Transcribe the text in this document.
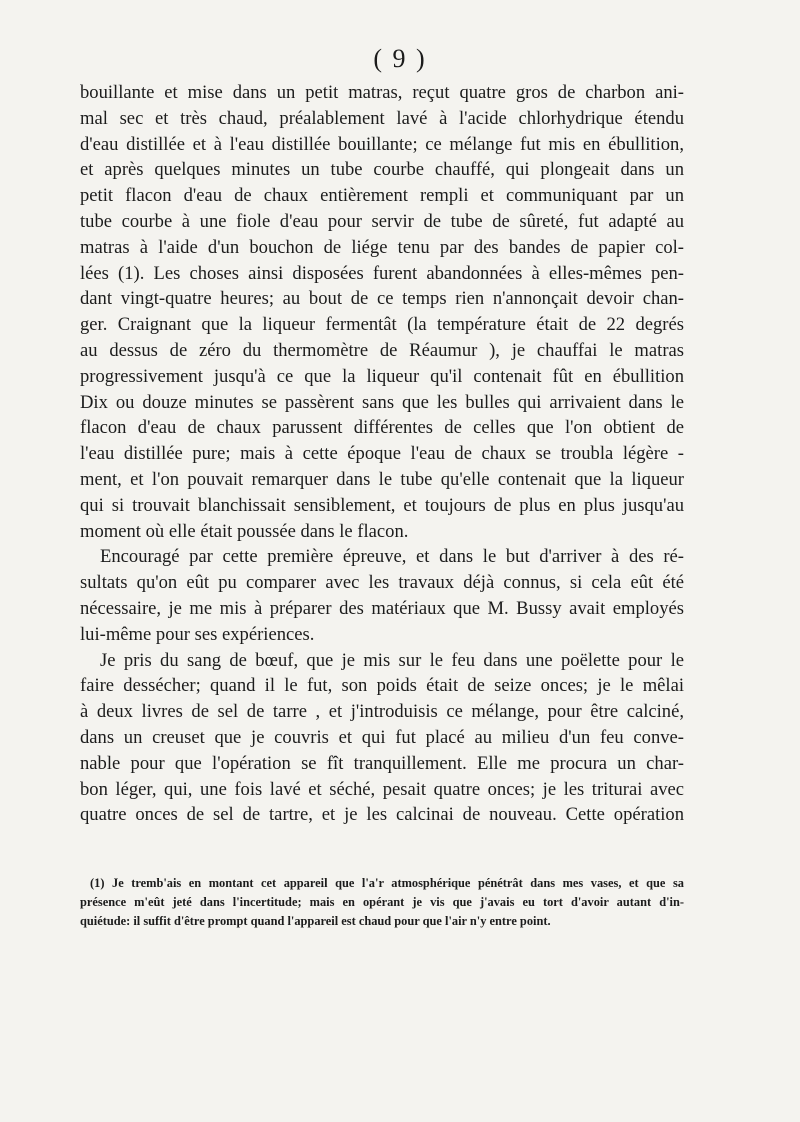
( 9 )
bouillante et mise dans un petit matras, reçut quatre gros de charbon ani-
mal sec et très chaud, préalablement lavé à l'acide chlorhydrique étendu
d'eau distillée et à l'eau distillée bouillante; ce mélange fut mis en ébullition,
et après quelques minutes un tube courbe chauffé, qui plongeait dans un
petit flacon d'eau de chaux entièrement rempli et communiquant par un
tube courbe à une fiole d'eau pour servir de tube de sûreté, fut adapté au
matras à l'aide d'un bouchon de liége tenu par des bandes de papier col-
lées (1). Les choses ainsi disposées furent abandonnées à elles-mêmes pen-
dant vingt-quatre heures; au bout de ce temps rien n'annonçait devoir chan-
ger. Craignant que la liqueur fermentât (la température était de 22 degrés
au dessus de zéro du thermomètre de Réaumur ), je chauffai le matras
progressivement jusqu'à ce que la liqueur qu'il contenait fût en ébullition
Dix ou douze minutes se passèrent sans que les bulles qui arrivaient dans le
flacon d'eau de chaux parussent différentes de celles que l'on obtient de
l'eau distillée pure; mais à cette époque l'eau de chaux se troubla légère -
ment, et l'on pouvait remarquer dans le tube qu'elle contenait que la liqueur
qui si trouvait blanchissait sensiblement, et toujours de plus en plus jusqu'au
moment où elle était poussée dans le flacon.
Encouragé par cette première épreuve, et dans le but d'arriver à des ré-
sultats qu'on eût pu comparer avec les travaux déjà connus, si cela eût été
nécessaire, je me mis à préparer des matériaux que M. Bussy avait employés
lui-même pour ses expériences.
Je pris du sang de bœuf, que je mis sur le feu dans une poëlette pour le
faire dessécher; quand il le fut, son poids était de seize onces; je le mêlai
à deux livres de sel de tarre , et j'introduisis ce mélange, pour être calciné,
dans un creuset que je couvris et qui fut placé au milieu d'un feu conve-
nable pour que l'opération se fît tranquillement. Elle me procura un char-
bon léger, qui, une fois lavé et séché, pesait quatre onces; je les triturai avec
quatre onces de sel de tartre, et je les calcinai de nouveau. Cette opération
(1) Je tremb'ais en montant cet appareil que l'a'r atmosphérique pénétrât dans mes vases, et que sa
présence m'eût jeté dans l'incertitude; mais en opérant je vis que j'avais eu tort d'avoir autant d'in-
quiétude: il suffit d'être prompt quand l'appareil est chaud pour que l'air n'y entre point.
